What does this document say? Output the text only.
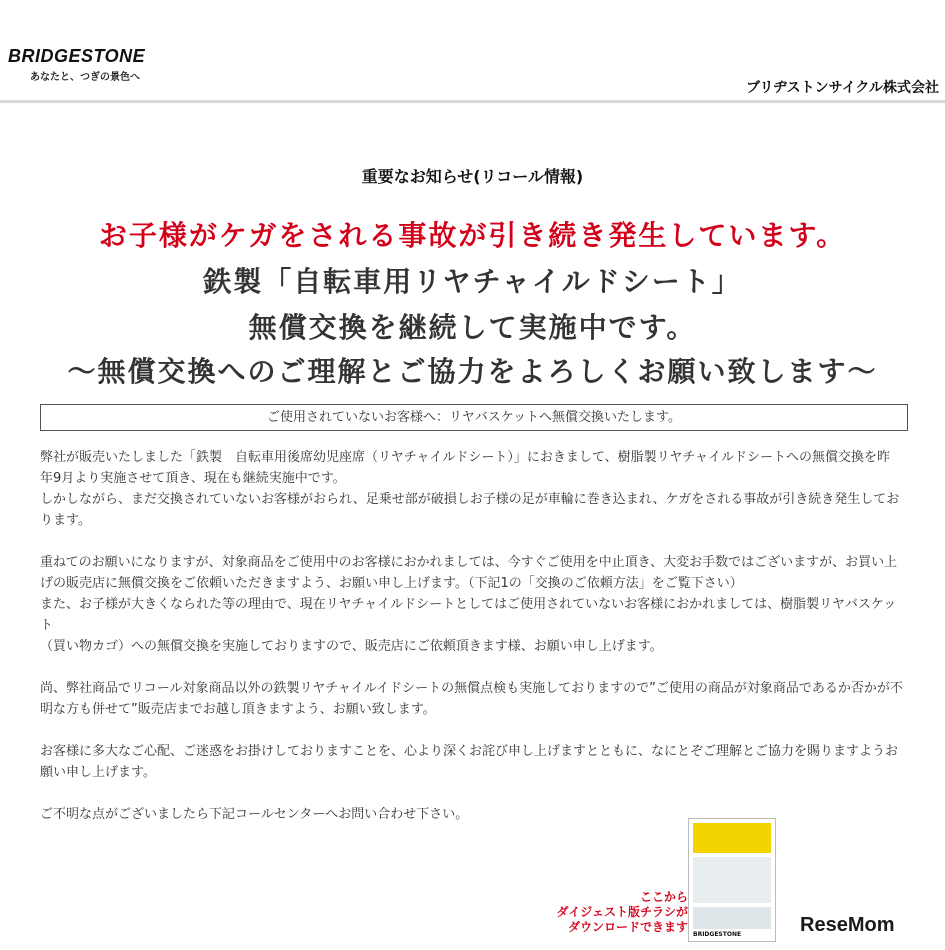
BRIDGESTONE
あなたと、つぎの景色へ
ブリヂストンサイクル株式会社
重要なお知らせ(リコール情報)
お子様がケガをされる事故が引き続き発生しています。
鉄製「自転車用リヤチャイルドシート」
無償交換を継続して実施中です。
～無償交換へのご理解とご協力をよろしくお願い致します～
ご使用されていないお客様へ：リヤバスケットへ無償交換いたします。

弊社が販売いたしました「鉄製　自転車用後席幼児座席（リヤチャイルドシート）」におきまして、樹脂製リヤチャイルドシートへの無償交換を昨
年9月より実施させて頂き、現在も継続実施中です。
しかしながら、まだ交換されていないお客様がおられ、足乗せ部が破損しお子様の足が車輪に巻き込まれ、ケガをされる事故が引き続き発生してお
ります。

重ねてのお願いになりますが、対象商品をご使用中のお客様におかれましては、今すぐご使用を中止頂き、大変お手数ではございますが、お買い上
げの販売店に無償交換をご依頼いただきますよう、お願い申し上げます。（下記1の「交換のご依頼方法」をご覧下さい）
また、お子様が大きくなられた等の理由で、現在リヤチャイルドシートとしてはご使用されていないお客様におかれましては、樹脂製リヤバスケット
（買い物カゴ）への無償交換を実施しておりますので、販売店にご依頼頂きます様、お願い申し上げます。

尚、弊社商品でリコール対象商品以外の鉄製リヤチャイルイドシートの無償点検も実施しておりますので”ご使用の商品が対象商品であるか否かが不
明な方も併せて”販売店までお越し頂きますよう、お願い致します。

お客様に多大なご心配、ご迷惑をお掛けしておりますことを、心より深くお詫び申し上げますとともに、なにとぞご理解とご協力を賜りますようお
願い申し上げます。

ご不明な点がございましたら下記コールセンターへお問い合わせ下さい。

ここから
ダイジェスト版チラシが
ダウンロードできます
BRIDGESTONE	ReseMom
